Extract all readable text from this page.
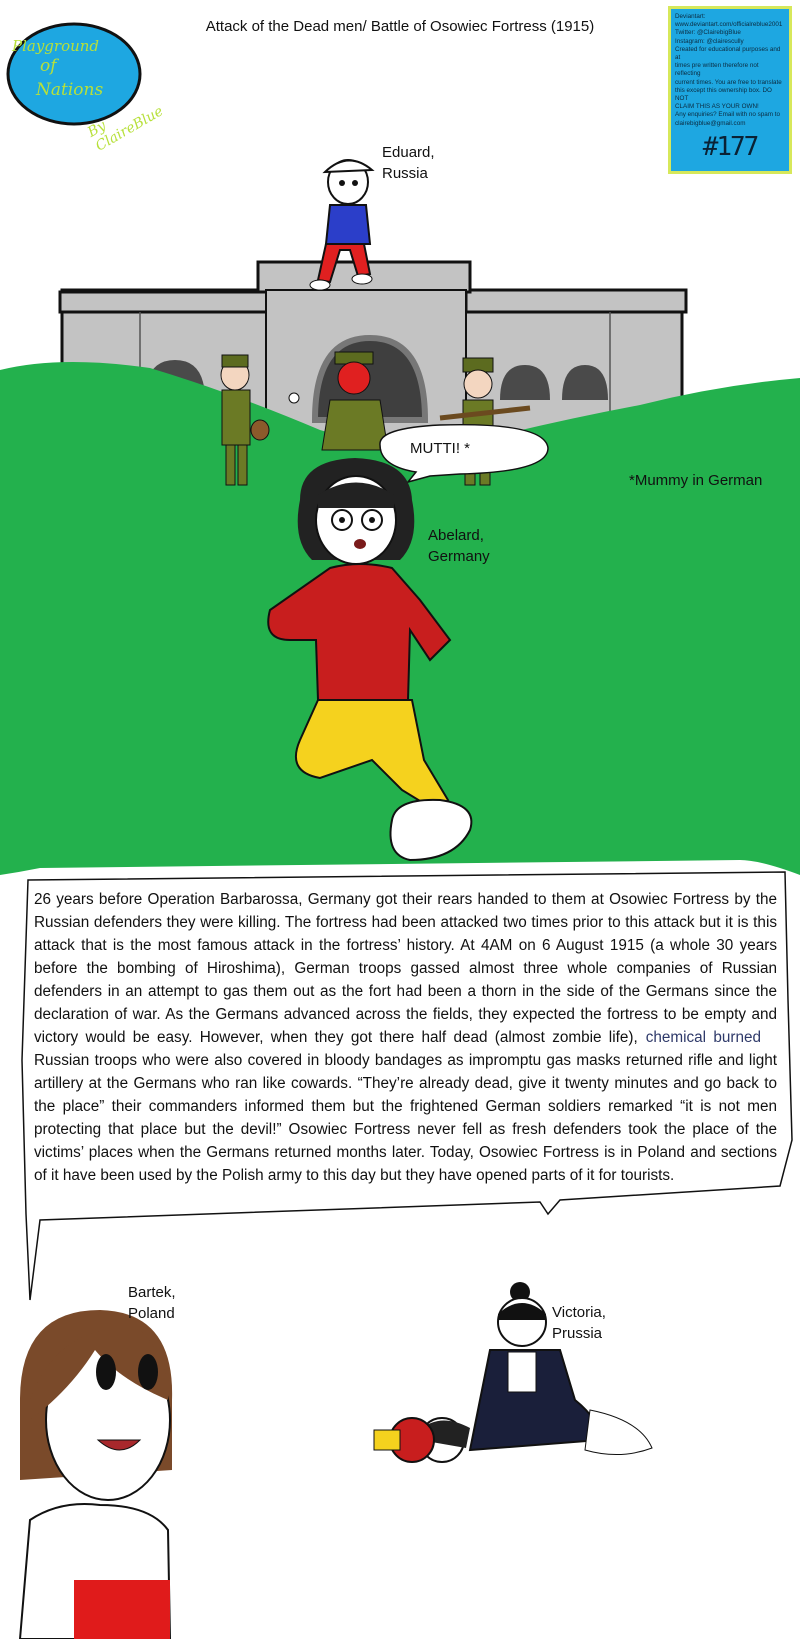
Attack of the Dead men/ Battle of Osowiec Fortress (1915)
Playground
of
Nations
By ClaireBlue
Deviantart:
www.deviantart.com/officialreblue2001
Twitter: @ClairebigBlue
Instagram: @clairescully
Created for educational purposes and at
times pre written therefore not reflecting
current times. You are free to translate
this except this ownership box. DO NOT
CLAIM THIS AS YOUR OWN!
Any enquiries? Email with no spam to
clairebigblue@gmail.com
#177
Eduard,
Russia
Abelard,
Germany
Bartek,
Poland	Victoria,
Prussia
MUTTI! *
*Mummy in German
26 years before Operation Barbarossa, Germany got their rears handed to them at Osowiec Fortress by the Russian defenders they were killing. The fortress had been attacked two times prior to this attack but it is this attack that is the most famous attack in the fortress’ history. At 4AM on 6 August 1915 (a whole 30 years before the bombing of Hiroshima), German troops gassed almost three whole companies of Russian defenders in an attempt to gas them out as the fort had been a thorn in the side of the Germans since the declaration of war. As the Germans advanced across the fields, they expected the fortress to be empty and victory would be easy. However, when they got there half dead (almost zombie life), chemical burnedRussian troops who were also covered in bloody bandages as impromptu gas masks returned rifle and light artillery at the Germans who ran like cowards. “They’re already dead, give it twenty minutes and go back to the place” their commanders informed them but the frightened German soldiers remarked “it is not men protecting that place but the devil!” Osowiec Fortress never fell as fresh defenders took the place of the victims’ places when the Germans returned months later. Today, Osowiec Fortress is in Poland and sections of it have been used by the Polish army to this day but they have opened parts of it for tourists.
